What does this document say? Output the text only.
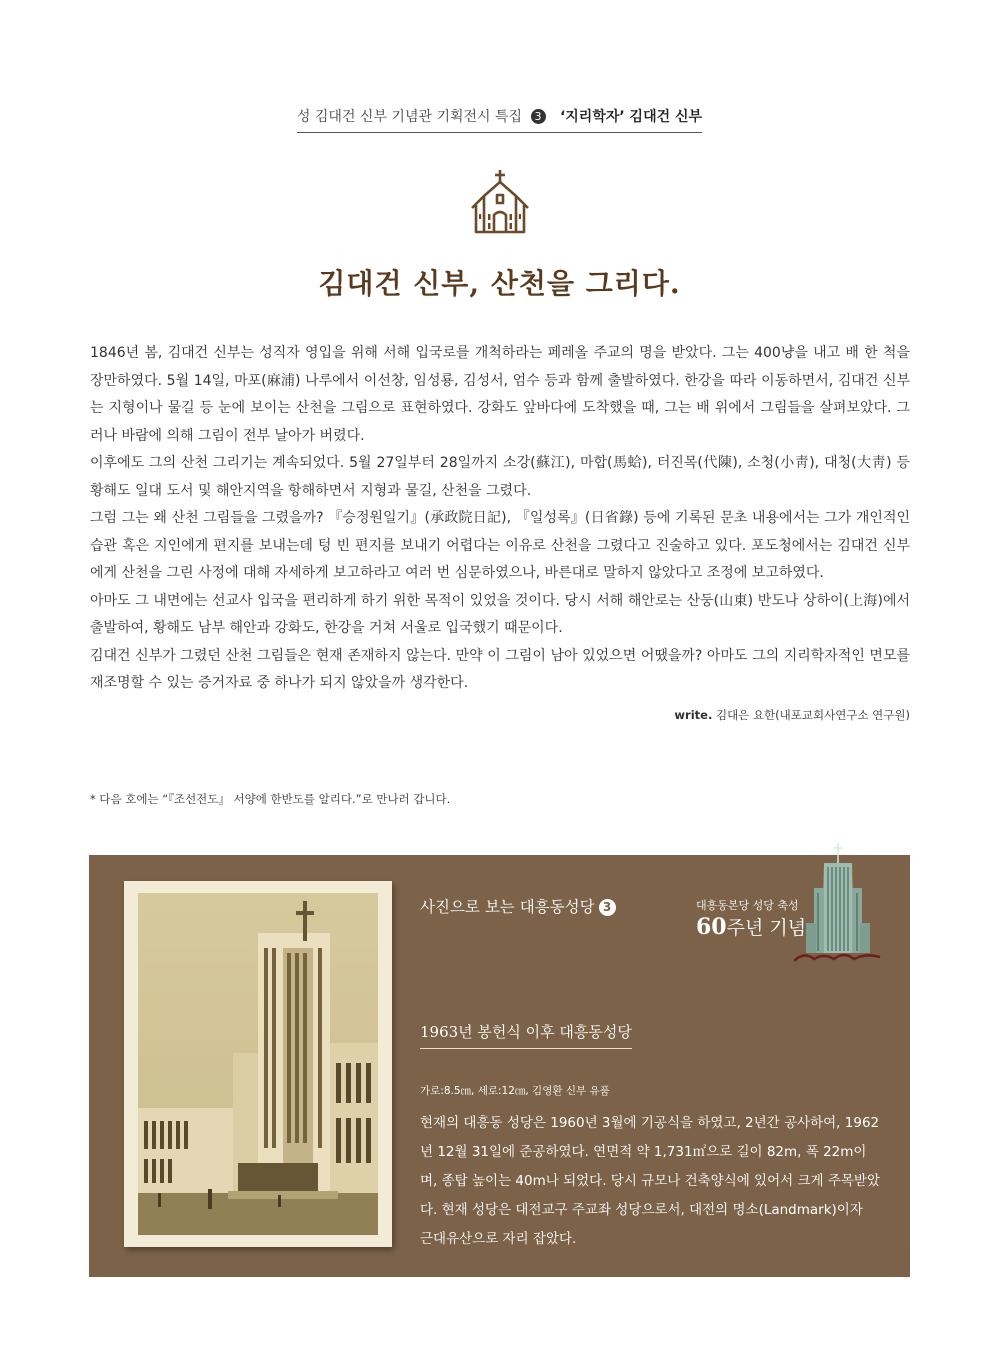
성 김대건 신부 기념관 기획전시 특집 3 ‘지리학자’ 김대건 신부
김대건 신부, 산천을 그리다.

1846년 봄, 김대건 신부는 성직자 영입을 위해 서해 입국로를 개척하라는 페레올 주교의 명을 받았다. 그는 400냥을 내고 배 한 척을 장만하였다. 5월 14일, 마포(麻浦) 나루에서 이선창, 임성룡, 김성서, 엄수 등과 함께 출발하였다. 한강을 따라 이동하면서, 김대건 신부는 지형이나 물길 등 눈에 보이는 산천을 그림으로 표현하였다. 강화도 앞바다에 도착했을 때, 그는 배 위에서 그림들을 살펴보았다. 그러나 바람에 의해 그림이 전부 날아가 버렸다.

이후에도 그의 산천 그리기는 계속되었다. 5월 27일부터 28일까지 소강(蘇江), 마합(馬蛤), 터진목(代陳), 소청(小靑), 대청(大靑) 등 황해도 일대 도서 및 해안지역을 항해하면서 지형과 물길, 산천을 그렸다.

그럼 그는 왜 산천 그림들을 그렸을까? 『승정원일기』(承政院日記), 『일성록』(日省錄) 등에 기록된 문초 내용에서는 그가 개인적인 습관 혹은 지인에게 편지를 보내는데 텅 빈 편지를 보내기 어렵다는 이유로 산천을 그렸다고 진술하고 있다. 포도청에서는 김대건 신부에게 산천을 그린 사정에 대해 자세하게 보고하라고 여러 번 심문하였으나, 바른대로 말하지 않았다고 조정에 보고하였다.

아마도 그 내면에는 선교사 입국을 편리하게 하기 위한 목적이 있었을 것이다. 당시 서해 해안로는 산둥(山東) 반도나 상하이(上海)에서 출발하여, 황해도 남부 해안과 강화도, 한강을 거쳐 서울로 입국했기 때문이다.

김대건 신부가 그렸던 산천 그림들은 현재 존재하지 않는다. 만약 이 그림이 남아 있었으면 어땠을까? 아마도 그의 지리학자적인 면모를 재조명할 수 있는 증거자료 중 하나가 되지 않았을까 생각한다.

write. 김대은 요한(내포교회사연구소 연구원)
* 다음 호에는 “『조선전도』 서양에 한반도를 알리다.”로 만나러 갑니다.
사진으로 보는 대흥동성당 3	대흥동본당 성당 축성
60주년 기념
1963년 봉헌식 이후 대흥동성당
가로:8.5㎝, 세로:12㎝, 김영환 신부 유품
현재의 대흥동 성당은 1960년 3월에 기공식을 하였고, 2년간 공사하여, 1962년 12월 31일에 준공하였다. 연면적 약 1,731㎡으로 길이 82m, 폭 22m이며, 종탑 높이는 40m나 되었다. 당시 규모나 건축양식에 있어서 크게 주목받았다. 현재 성당은 대전교구 주교좌 성당으로서, 대전의 명소(Landmark)이자 근대유산으로 자리 잡았다.
